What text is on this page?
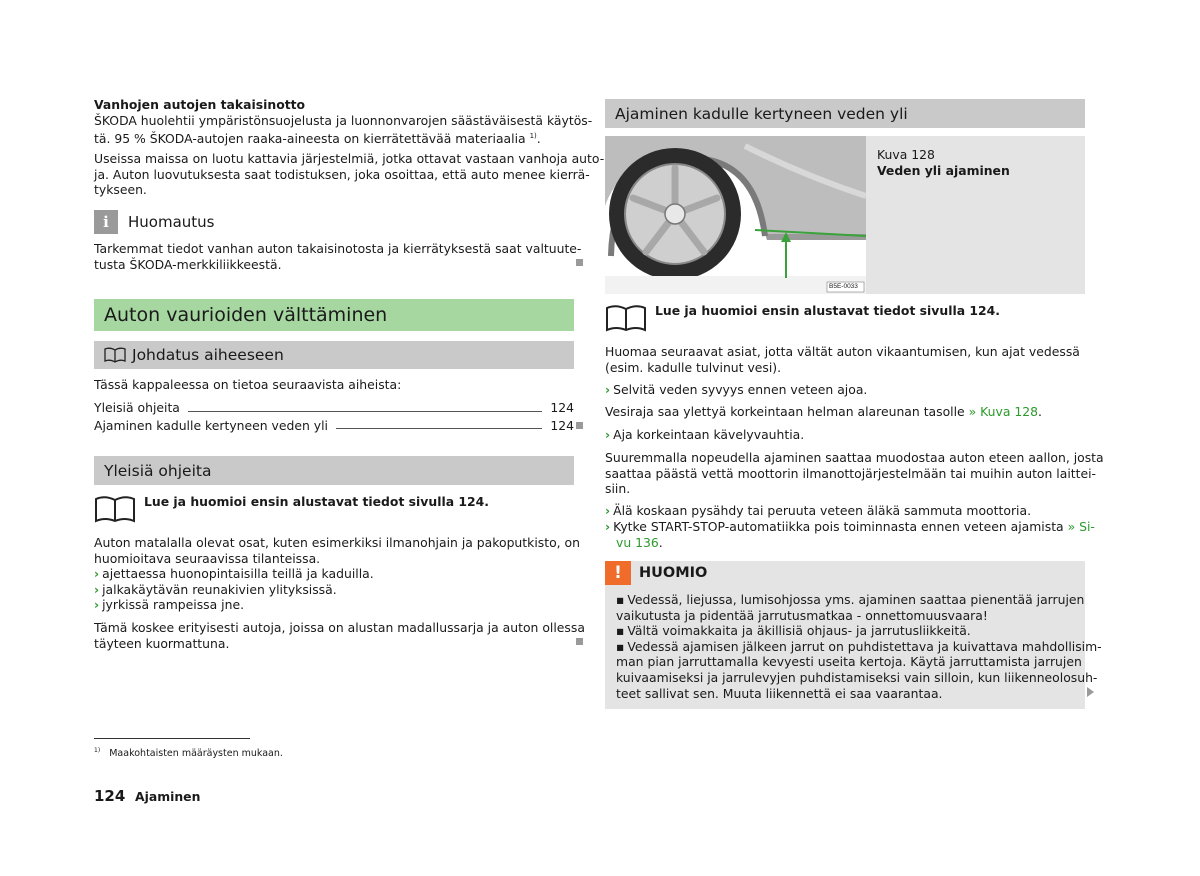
Vanhojen autojen takaisinotto
ŠKODA huolehtii ympäristönsuojelusta ja luonnonvarojen säästäväisestä käytös-
tä. 95 % ŠKODA-autojen raaka-aineesta on kierrätettävää materiaalia $^{1)}$.
Useissa maissa on luotu kattavia järjestelmiä, jotka ottavat vastaan vanhoja auto-
ja. Auton luovutuksesta saat todistuksen, joka osoittaa, että auto menee kierrä-
tykseen.
i	Huomautus
Tarkemmat tiedot vanhan auton takaisinotosta ja kierrätyksestä saat valtuute-
tusta ŠKODA-merkkiliikkeestä.
Auton vaurioiden välttäminen
Johdatus aiheeseen
Tässä kappaleessa on tietoa seuraavista aiheista:
Yleisiä ohjeita	124
Ajaminen kadulle kertyneen veden yli	124
Yleisiä ohjeita
Lue ja huomioi ensin alustavat tiedot sivulla 124.
Auton matalalla olevat osat, kuten esimerkiksi ilmanohjain ja pakoputkisto, on
huomioitava seuraavissa tilanteissa.
› ajettaessa huonopintaisilla teillä ja kaduilla.
› jalkakäytävän reunakivien ylityksissä.
› jyrkissä rampeissa jne.
Tämä koskee erityisesti autoja, joissa on alustan madallussarja ja auton ollessa
täyteen kuormattuna.
$^{1)}$ Maakohtaisten määräysten mukaan.
124 Ajaminen
Ajaminen kadulle kertyneen veden yli
B5E-0033
Kuva 128
Veden yli ajaminen
Lue ja huomioi ensin alustavat tiedot sivulla 124.
Huomaa seuraavat asiat, jotta vältät auton vikaantumisen, kun ajat vedessä
(esim. kadulle tulvinut vesi).
› Selvitä veden syvyys ennen veteen ajoa.
Vesiraja saa ylettyä korkeintaan helman alareunan tasolle » Kuva 128.
› Aja korkeintaan kävelyvauhtia.
Suuremmalla nopeudella ajaminen saattaa muodostaa auton eteen aallon, josta
saattaa päästä vettä moottorin ilmanottojärjestelmään tai muihin auton laittei-
siin.
› Älä koskaan pysähdy tai peruuta veteen äläkä sammuta moottoria.
› Kytke START-STOP-automatiikka pois toiminnasta ennen veteen ajamista » Si-
vu 136.
!	HUOMIO
▪ Vedessä, liejussa, lumisohjossa yms. ajaminen saattaa pienentää jarrujen
vaikutusta ja pidentää jarrutusmatkaa - onnettomuusvaara!
▪ Vältä voimakkaita ja äkillisiä ohjaus- ja jarrutusliikkeitä.
▪ Vedessä ajamisen jälkeen jarrut on puhdistettava ja kuivattava mahdollisim-
man pian jarruttamalla kevyesti useita kertoja. Käytä jarruttamista jarrujen
kuivaamiseksi ja jarrulevyjen puhdistamiseksi vain silloin, kun liikenneolosuh-
teet sallivat sen. Muuta liikennettä ei saa vaarantaa.
